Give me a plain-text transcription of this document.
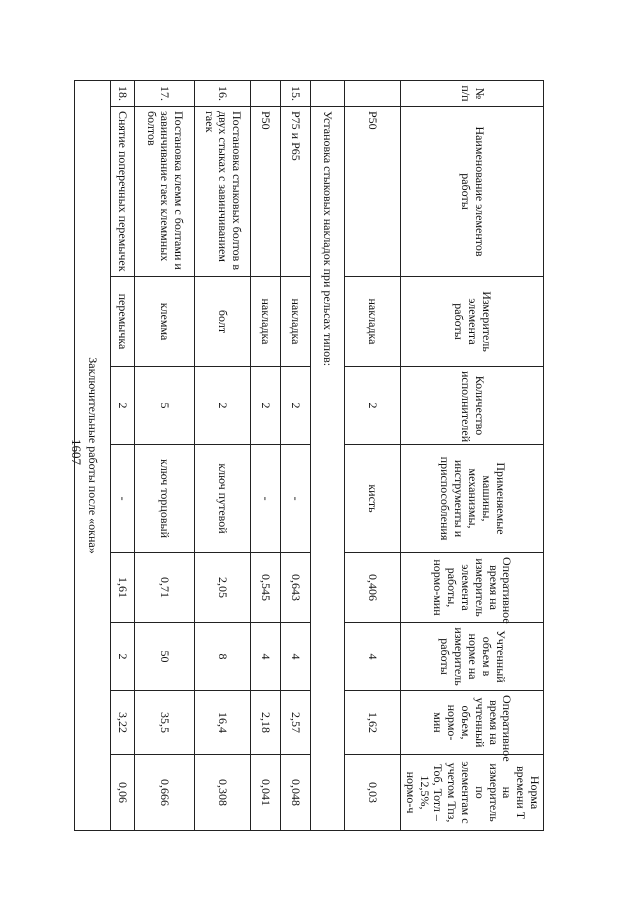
1607
№ п/п	Наименование элементов работы	Измеритель элемента работы	Количество исполнителей	Применяемые машины, механизмы, инструменты и приспособления	Оперативное время на измеритель элемента работы, нормо-мин	Учтенный объем в норме на измеритель работы	Оперативное время на учтенный объем, нормо-мин	Норма времени Т на измеритель по элементам с учетом Тпз, Тоб, Тотл – 12,5%, нормо-ч
	Р50	накладка	2	кисть	0,406	4	1,62	0,03
	Установка стыковых накладок при рельсах типов:							
15.	Р75 и Р65	накладка	2	-	0,643	4	2,57	0,048
	Р50	накладка	2	-	0,545	4	2,18	0,041
16.	Постановка стыковых болтов в двух стыках с завинчиванием гаек	болт	2	ключ путевой	2,05	8	16,4	0,308
17.	Постановка клемм с болтами и завинчивание гаек клеммных болтов	клемма	5	ключ торцовый	0,71	50	35,5	0,666
18.	Снятие поперечных перемычек	перемычка	2	-	1,61	2	3,22	0,06
Заключительные работы после «окна»								
